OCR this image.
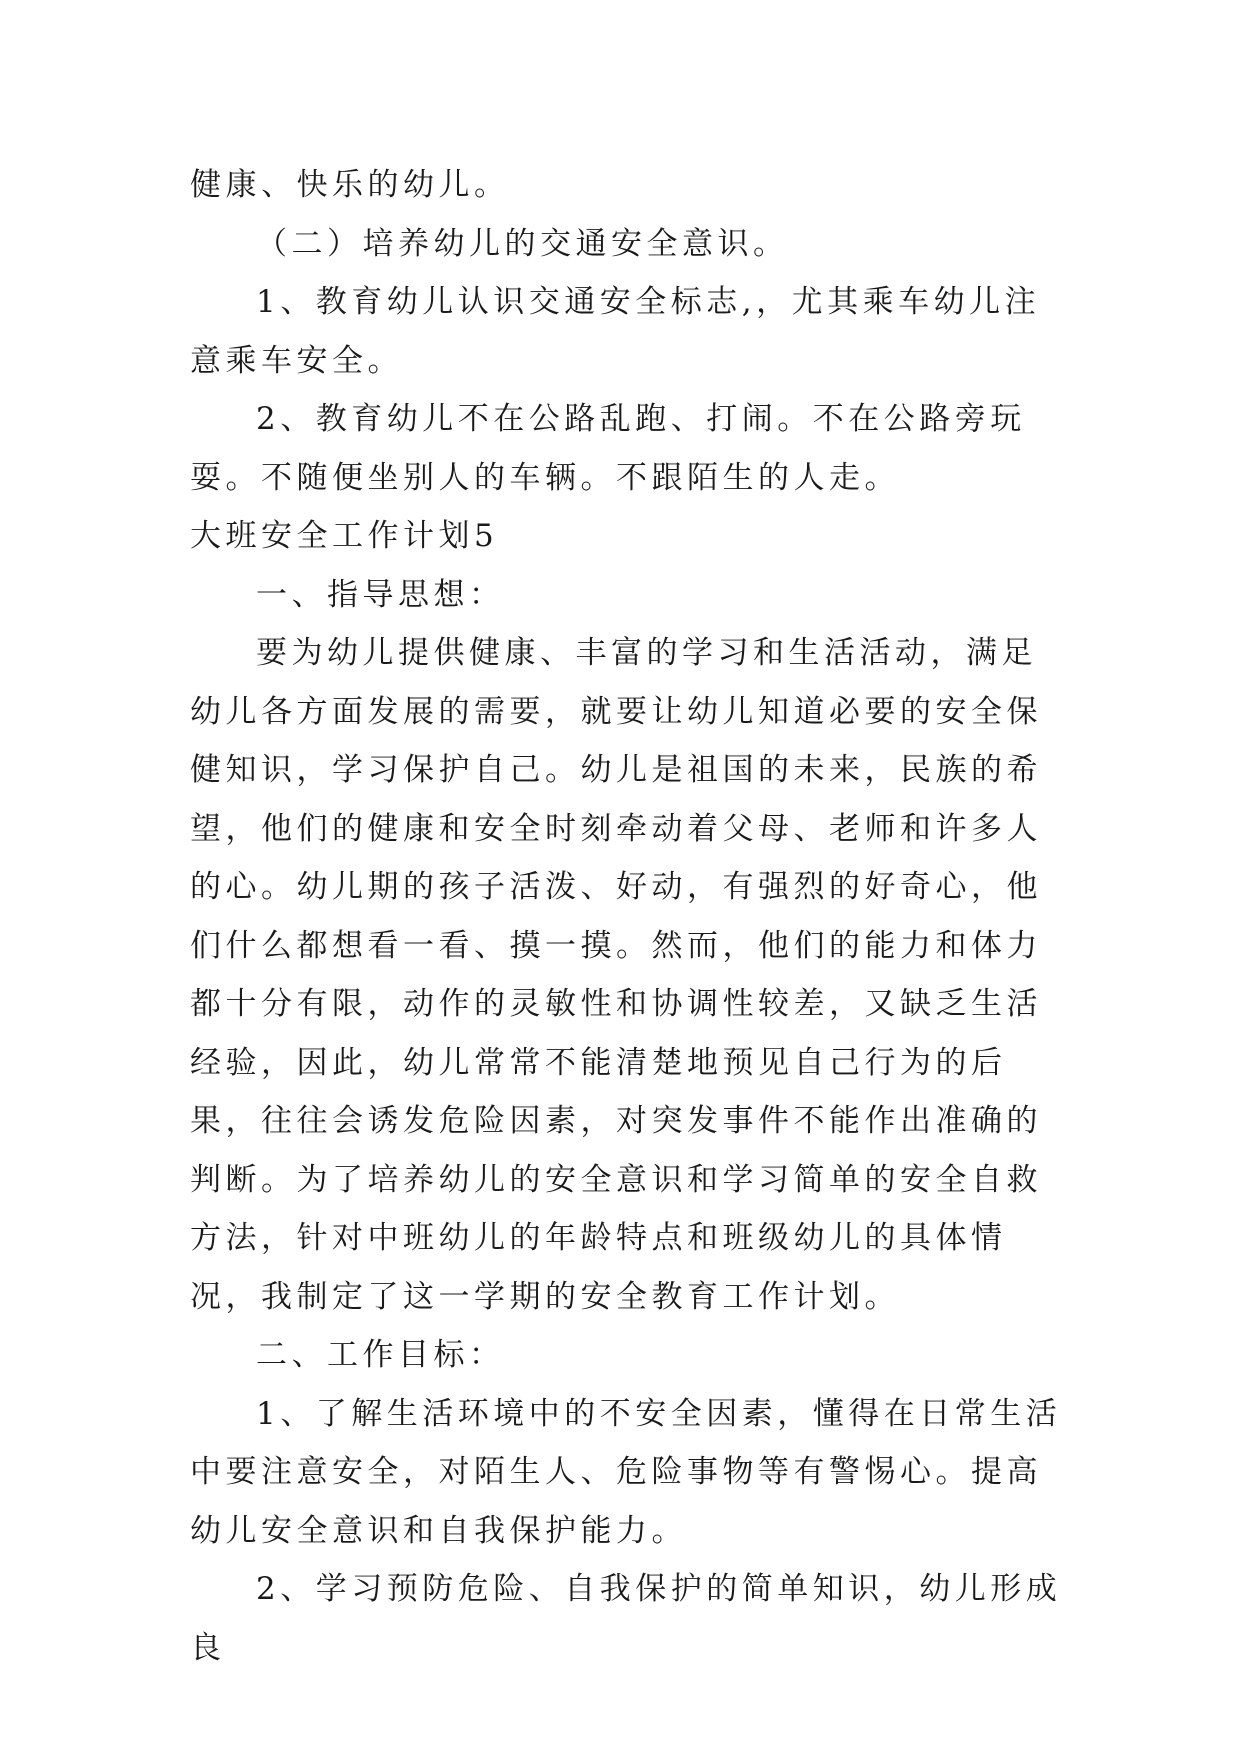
健康、快乐的幼儿。

（二）培养幼儿的交通安全意识。

1、教育幼儿认识交通安全标志,，尤其乘车幼儿注意乘车安全。

2、教育幼儿不在公路乱跑、打闹。不在公路旁玩耍。不随便坐别人的车辆。不跟陌生的人走。

大班安全工作计划5

一、指导思想：

要为幼儿提供健康、丰富的学习和生活活动，满足幼儿各方面发展的需要，就要让幼儿知道必要的安全保健知识，学习保护自己。幼儿是祖国的未来，民族的希望，他们的健康和安全时刻牵动着父母、老师和许多人的心。幼儿期的孩子活泼、好动，有强烈的好奇心，他们什么都想看一看、摸一摸。然而，他们的能力和体力都十分有限，动作的灵敏性和协调性较差，又缺乏生活经验，因此，幼儿常常不能清楚地预见自己行为的后果，往往会诱发危险因素，对突发事件不能作出准确的判断。为了培养幼儿的安全意识和学习简单的安全自救方法，针对中班幼儿的年龄特点和班级幼儿的具体情况，我制定了这一学期的安全教育工作计划。

二、工作目标：

1、了解生活环境中的不安全因素，懂得在日常生活中要注意安全，对陌生人、危险事物等有警惕心。提高幼儿安全意识和自我保护能力。

2、学习预防危险、自我保护的简单知识，幼儿形成良
